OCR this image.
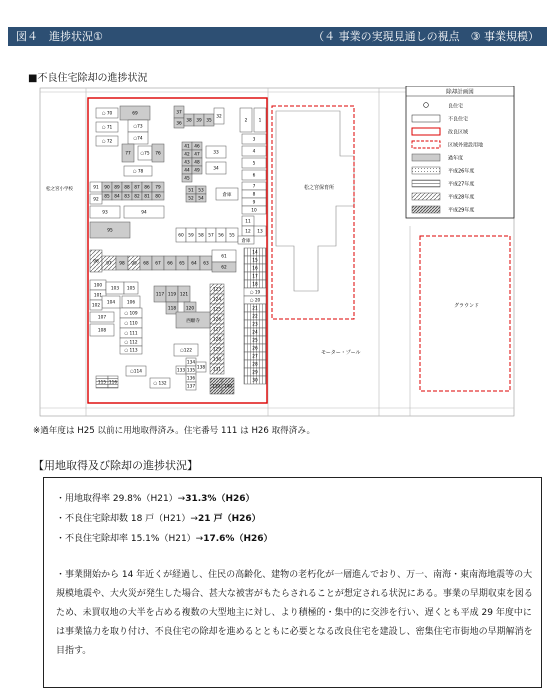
図４　進捗状況①	（４ 事業の実現見通しの視点　③ 事業規模）
■不良住宅除却の進捗状況
松之宮保育所
松之宮小学校
グラウンド
モーター・プール
○ 70
○ 71
○ 72
69
○73
○74
77 ○75 76
37
36
38 39 35
32
2	1
41 46
42 47
43 48
44 49
45
33
34
3
4
5
6
7
8
9
10
11
12 13
○ 78
91 90 89 88 87 86 79
85 84 83 82 81 80
92
93	94
95
51 53
52 54
60 59 58 57 56 55
96 97 98 99 68 67 66 65 64 63
61
62
100
101
103 105
104	106
102
107
○ 109
○ 110
108
○ 111
○ 112
○ 113
117 119 121
118 120
123
124
125
126
127
128
129
130
131
○122
14
15
16
17
18
○ 19
○ 20
21
22
23
24
25
26
27
28
29
30
115 116
○114
○ 132
133
134
135
136
137
138
139 140
倉庫
倉庫
西願寺
除却計画図
良住宅
不良住宅
改良区域
区域外建設用地
過年度
平成26年度
平成27年度
平成28年度
平成29年度
※過年度は H25 以前に用地取得済み。住宅番号 111 は H26 取得済み。
【用地取得及び除却の進捗状況】
・用地取得率 29.8%（H21）→31.3%（H26）
・不良住宅除却数 18 戸（H21）→21 戸（H26）
・不良住宅除却率 15.1%（H21）→17.6%（H26）
・事業開始から 14 年近くが経過し、住民の高齢化、建物の老朽化が一層進んでおり、万一、南海・東南海地震等の大規模地震や、大火災が発生した場合、甚大な被害がもたらされることが想定される状況にある。事業の早期収束を図るため、未買収地の大半を占める複数の大型地主に対し、より積極的・集中的に交渉を行い、遅くとも平成 29 年度中には事業協力を取り付け、不良住宅の除却を進めるとともに必要となる改良住宅を建設し、密集住宅市街地の早期解消を目指す。
